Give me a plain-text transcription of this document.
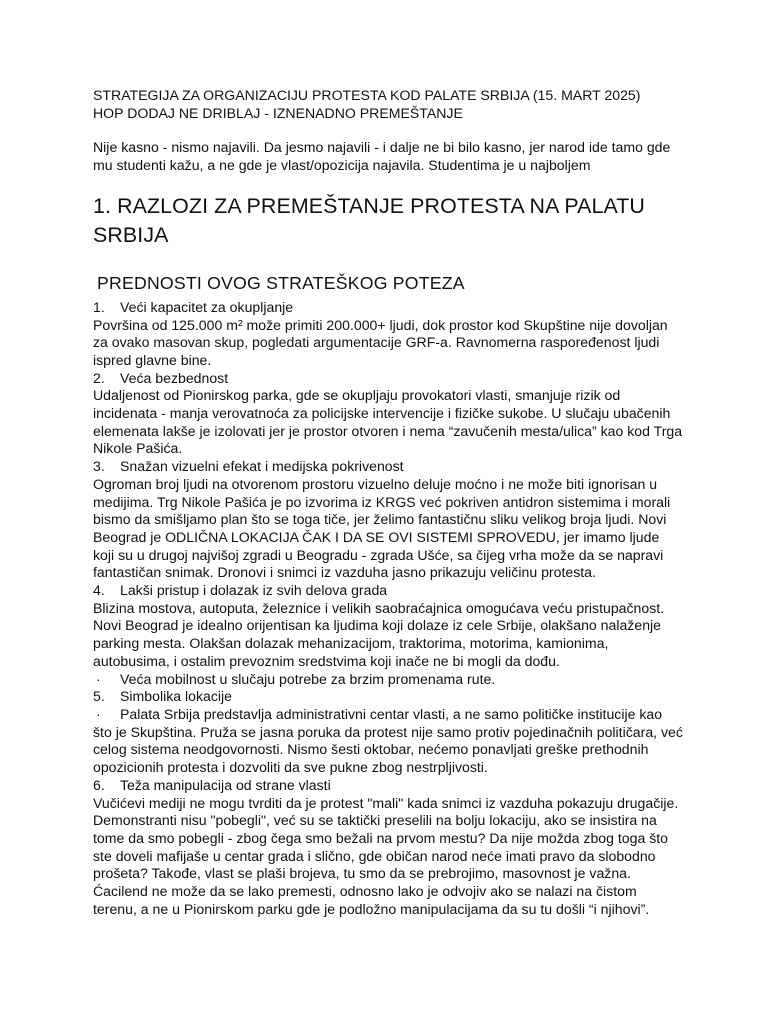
STRATEGIJA ZA ORGANIZACIJU PROTESTA KOD PALATE SRBIJA (15. MART 2025)

HOP DODAJ NE DRIBLAJ - IZNENADNO PREMEŠTANJE

Nije kasno - nismo najavili. Da jesmo najavili - i dalje ne bi bilo kasno, jer narod ide tamo gde mu studenti kažu, a ne gde je vlast/opozicija najavila. Studentima je u najboljem

1. RAZLOZI ZA PREMEŠTANJE PROTESTA NA PALATU SRBIJA
PREDNOSTI OVOG STRATEŠKOG POTEZA
1.	Veći kapacitet za okupljanje

Površina od 125.000 m² može primiti 200.000+ ljudi, dok prostor kod Skupštine nije dovoljan za ovako masovan skup, pogledati argumentacije GRF-a. Ravnomerna raspoređenost ljudi ispred glavne bine.

2.	Veća bezbednost

Udaljenost od Pionirskog parka, gde se okupljaju provokatori vlasti, smanjuje rizik od incidenata - manja verovatnoća za policijske intervencije i fizičke sukobe. U slučaju ubačenih elemenata lakše je izolovati jer je prostor otvoren i nema “zavučenih mesta/ulica” kao kod Trga Nikole Pašića.

3.	Snažan vizuelni efekat i medijska pokrivenost

Ogroman broj ljudi na otvorenom prostoru vizuelno deluje moćno i ne može biti ignorisan u medijima. Trg Nikole Pašića je po izvorima iz KRGS već pokriven antidron sistemima i morali bismo da smišljamo plan što se toga tiče, jer želimo fantastičnu sliku velikog broja ljudi. Novi Beograd je ODLIČNA LOKACIJA ČAK I DA SE OVI SISTEMI SPROVEDU, jer imamo ljude koji su u drugoj najvišoj zgradi u Beogradu - zgrada Ušće, sa čijeg vrha može da se napravi fantastičan snimak. Dronovi i snimci iz vazduha jasno prikazuju veličinu protesta.

4.	Lakši pristup i dolazak iz svih delova grada

Blizina mostova, autoputa, železnice i velikih saobraćajnica omogućava veću pristupačnost. Novi Beograd je idealno orijentisan ka ljudima koji dolaze iz cele Srbije, olakšano nalaženje parking mesta. Olakšan dolazak mehanizacijom, traktorima, motorima, kamionima, autobusima, i ostalim prevoznim sredstvima koji inače ne bi mogli da dođu.

·	Veća mobilnost u slučaju potrebe za brzim promenama rute.
5.	Simbolika lokacije
·	Palata Srbija predstavlja administrativni centar vlasti, a ne samo političke institucije kao

što je Skupština. Pruža se jasna poruka da protest nije samo protiv pojedinačnih političara, već celog sistema neodgovornosti. Nismo šesti oktobar, nećemo ponavljati greške prethodnih opozicionih protesta i dozvoliti da sve pukne zbog nestrpljivosti.

6.	Teža manipulacija od strane vlasti

Vučićevi mediji ne mogu tvrditi da je protest "mali" kada snimci iz vazduha pokazuju drugačije. Demonstranti nisu "pobegli", već su se taktički preselili na bolju lokaciju, ako se insistira na tome da smo pobegli - zbog čega smo bežali na prvom mestu? Da nije možda zbog toga što ste doveli mafijaše u centar grada i slično, gde običan narod neće imati pravo da slobodno prošeta? Takođe, vlast se plaši brojeva, tu smo da se prebrojimo, masovnost je važna. Ćacilend ne može da se lako premesti, odnosno lako je odvojiv ako se nalazi na čistom terenu, a ne u Pionirskom parku gde je podložno manipulacijama da su tu došli “i njihovi”.
